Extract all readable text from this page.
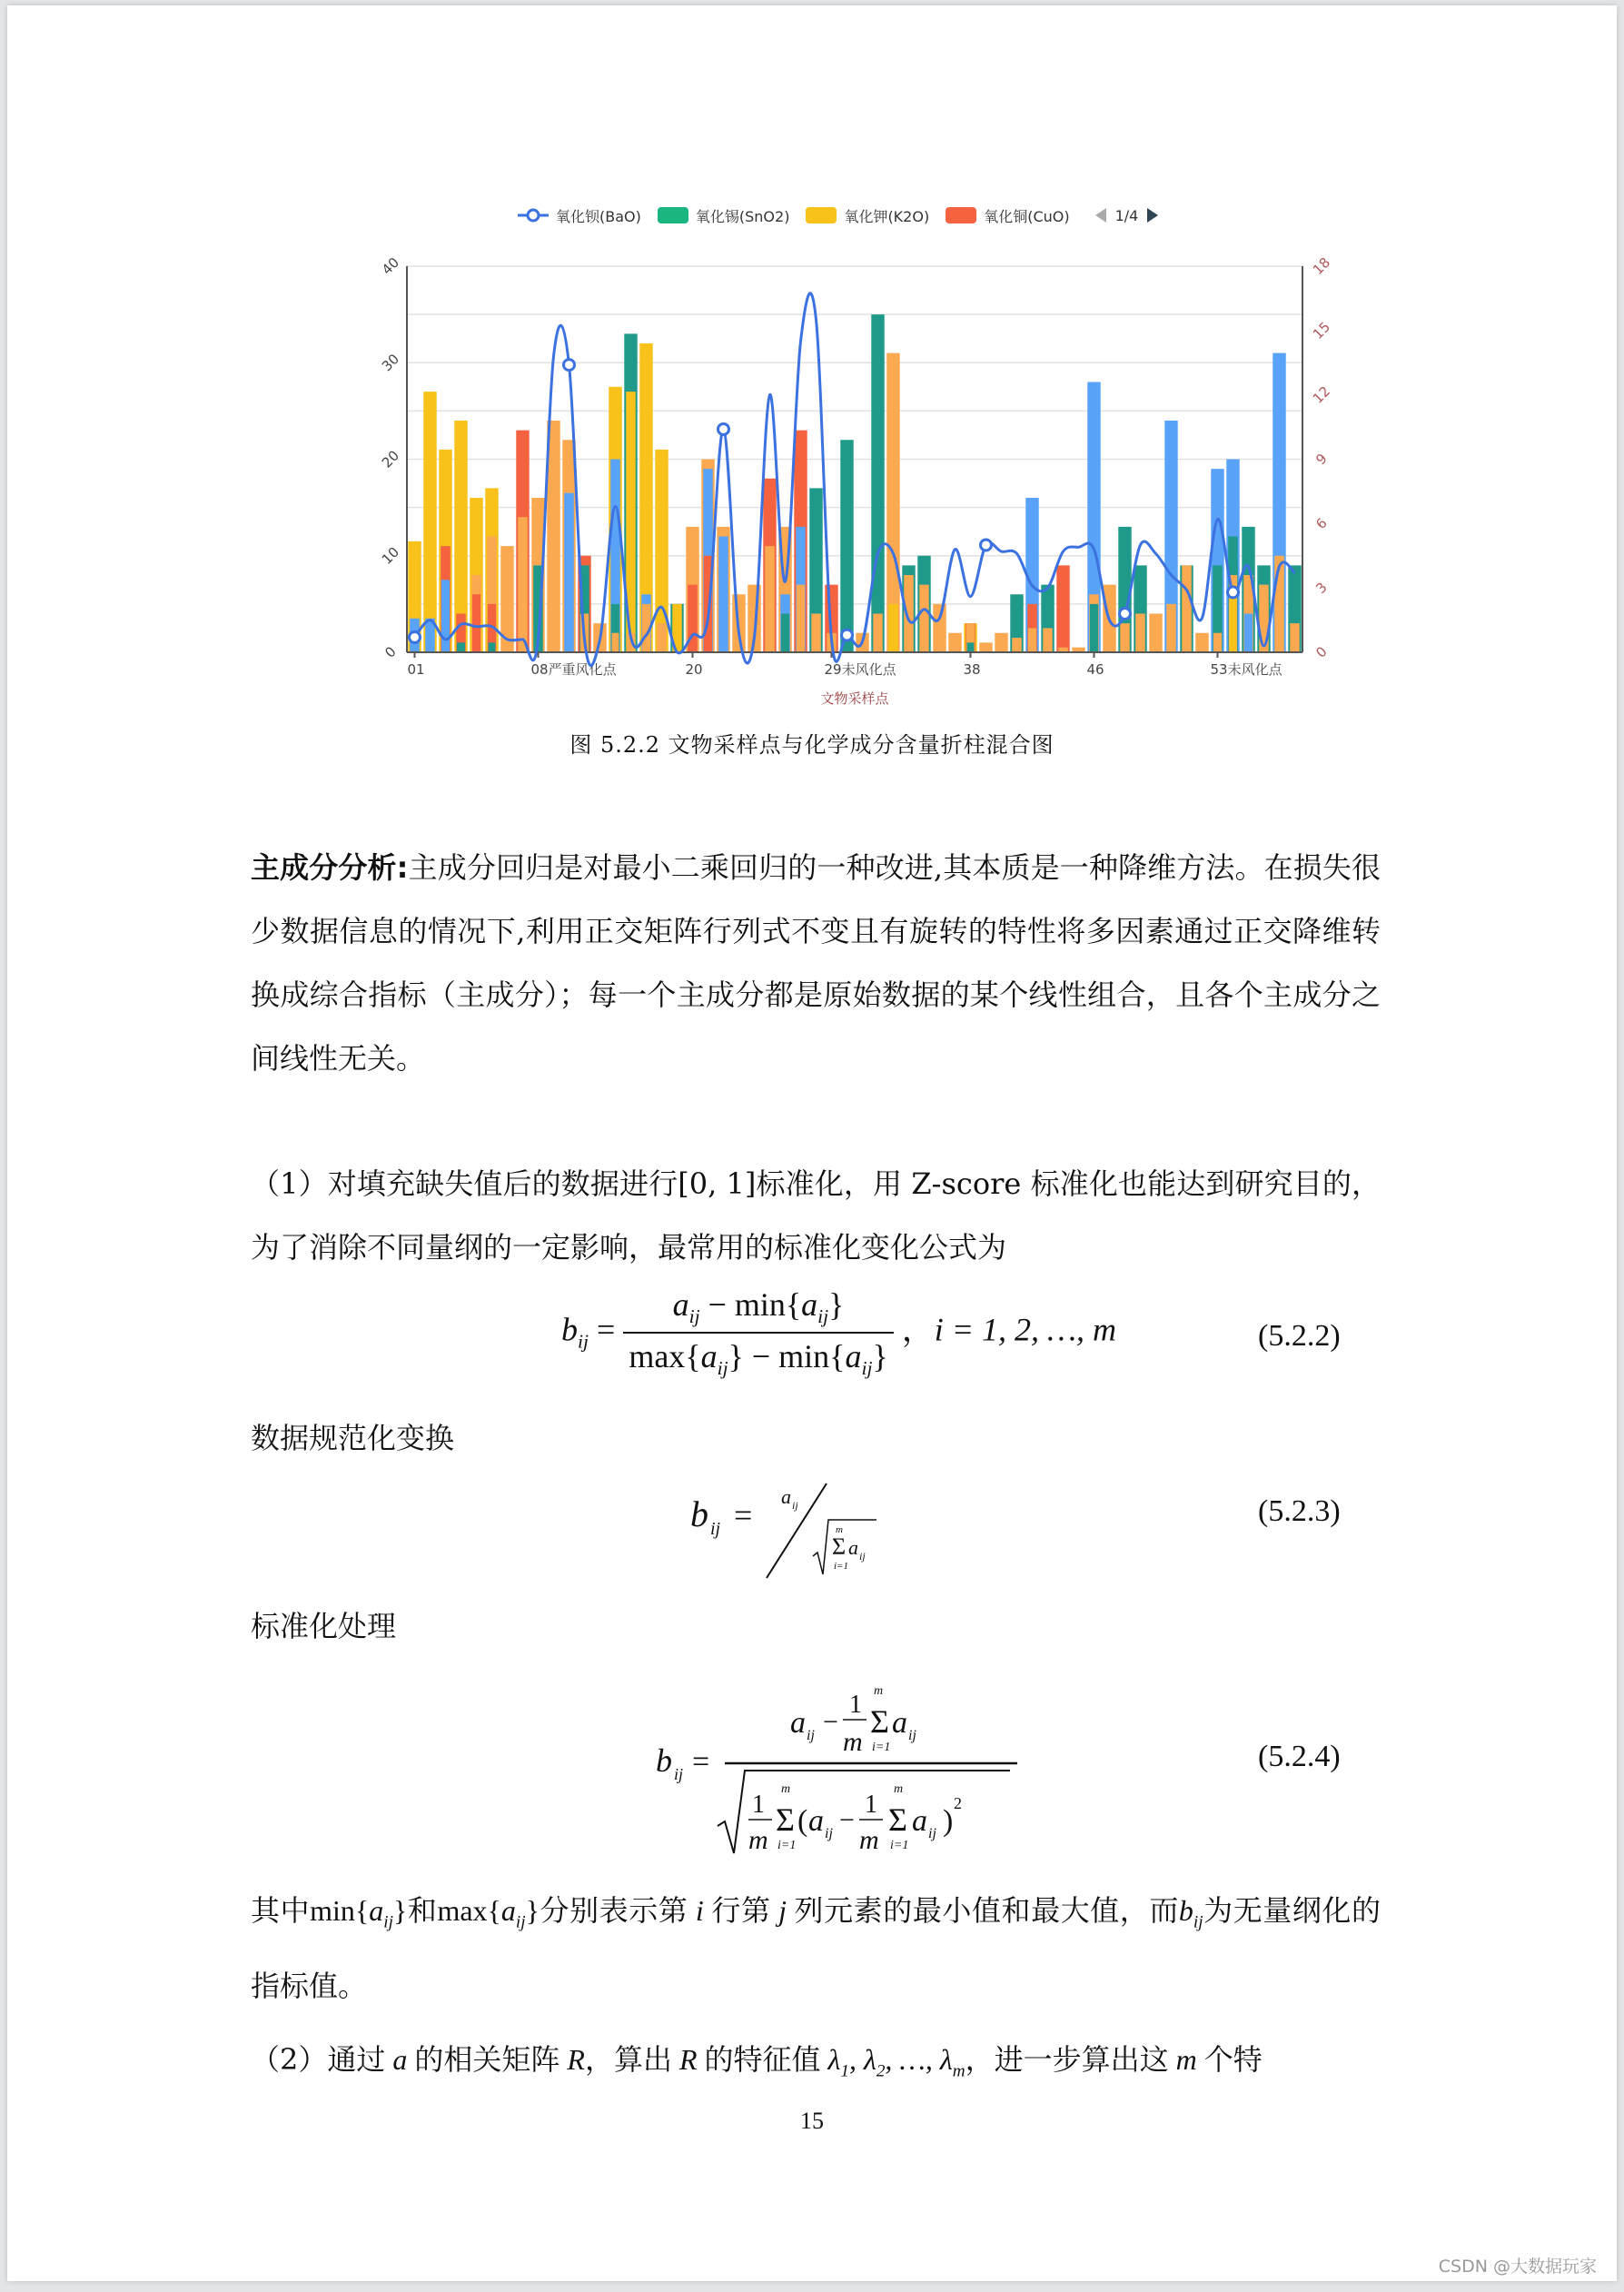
氧化钡(BaO)	氧化锡(SnO2)	氧化钾(K2O)	氧化铜(CuO)	1/4
0
10
20
30
40
0
3
6
9
12
15
18
01	08严重风化点	20	29未风化点	38	46	53未风化点
文物采样点
图 5.2.2 文物采样点与化学成分含量折柱混合图
主成分分析:主成分回归是对最小二乘回归的一种改进,其本质是一种降维方法。在损失很少数据信息的情况下,利用正交矩阵行列式不变且有旋转的特性将多因素通过正交降维转换成综合指标（主成分）；每一个主成分都是原始数据的某个线性组合，且各个主成分之间线性无关。
（1）对填充缺失值后的数据进行[0, 1]标准化，用 Z-score 标准化也能达到研究目的，为了消除不同量纲的一定影响，最常用的标准化变化公式为
$b_{ij} = \frac{a_{ij} - \min\{a_{ij}\}}{\max\{a_{ij}\} - \min\{a_{ij}\}}$ ，i = 1, 2, …, m	(5.2.2)
数据规范化变换
b ij =
a ij
m
Σ a ij
i=1
(5.2.3)
标准化处理
b ij =
a ij −
1
m
m
Σ
i=1
a ij
1
m
m
Σ
i=1
( a ij −
1
m
m
Σ
i=1
a ij )
2
(5.2.4)
其中$\min\{a_{ij}\}$和$\max\{a_{ij}\}$分别表示第 i 行第 j 列元素的最小值和最大值，而$b_{ij}$为无量纲化的指标值。
（2）通过 a 的相关矩阵 R，算出 R 的特征值 $\lambda_1$, $\lambda_2$, …, $\lambda_m$，进一步算出这 m 个特
15
CSDN @大数据玩家
